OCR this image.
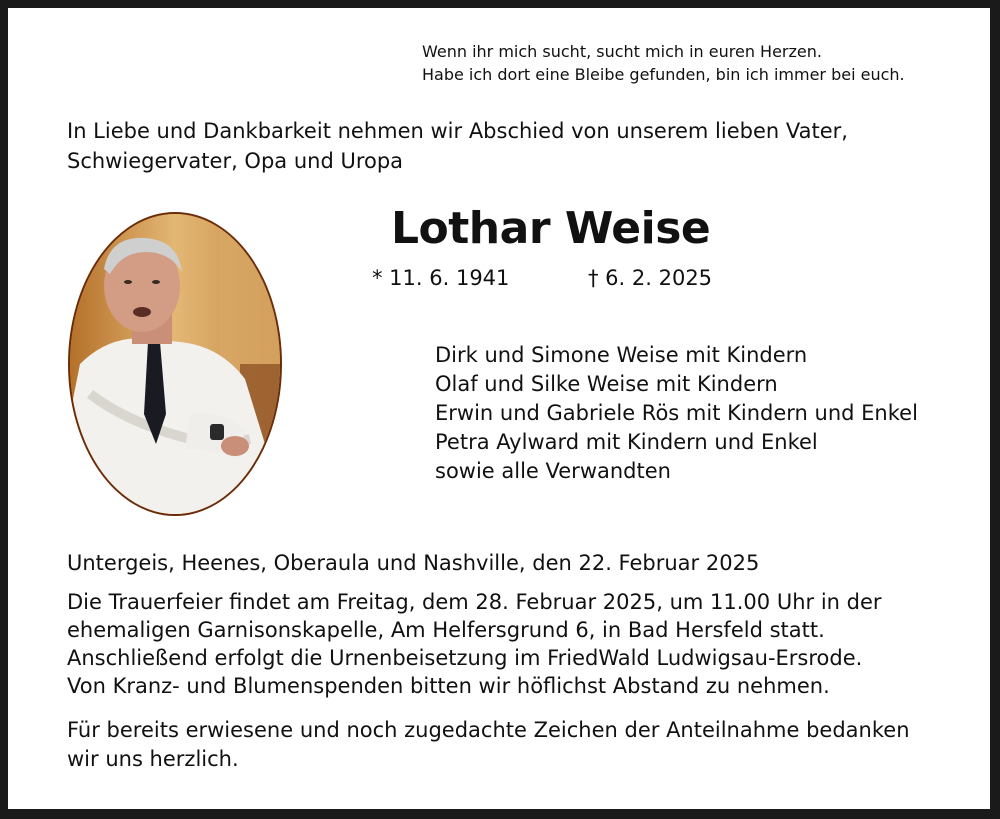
Wenn ihr mich sucht, sucht mich in euren Herzen.
Habe ich dort eine Bleibe gefunden, bin ich immer bei euch.
In Liebe und Dankbarkeit nehmen wir Abschied von unserem lieben Vater,
Schwiegervater, Opa und Uropa
Lothar Weise
* 11. 6. 1941	† 6. 2. 2025
Dirk und Simone Weise mit Kindern
Olaf und Silke Weise mit Kindern
Erwin und Gabriele Rös mit Kindern und Enkel
Petra Aylward mit Kindern und Enkel
sowie alle Verwandten
Untergeis, Heenes, Oberaula und Nashville, den 22. Februar 2025
Die Trauerfeier findet am Freitag, dem 28. Februar 2025, um 11.00 Uhr in der
ehemaligen Garnisonskapelle, Am Helfersgrund 6, in Bad Hersfeld statt.
Anschließend erfolgt die Urnenbeisetzung im FriedWald Ludwigsau-Ersrode.
Von Kranz- und Blumenspenden bitten wir höflichst Abstand zu nehmen.
Für bereits erwiesene und noch zugedachte Zeichen der Anteilnahme bedanken
wir uns herzlich.
